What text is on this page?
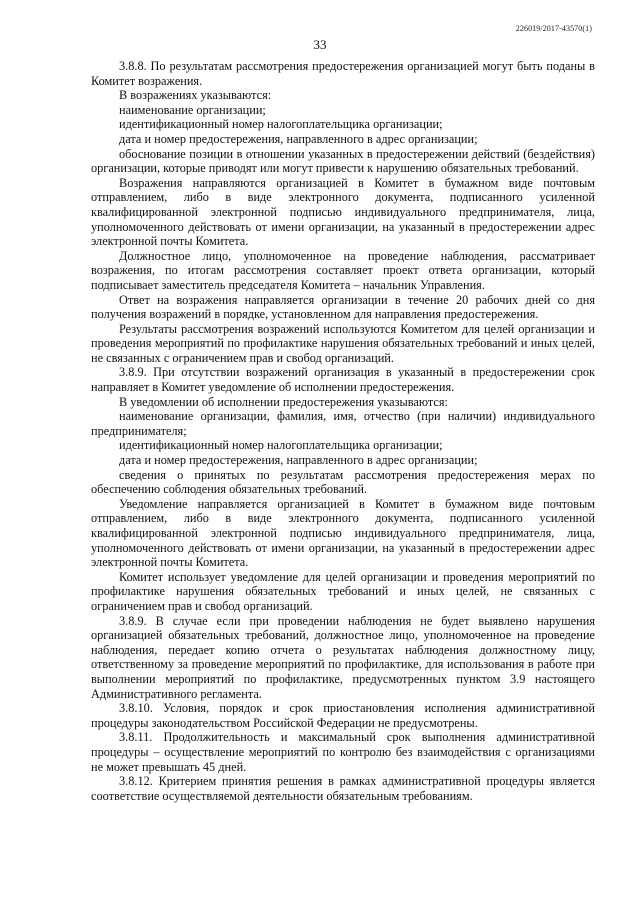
226019/2017-43570(1)
33

3.8.8. По результатам рассмотрения предостережения организацией могут быть поданы в Комитет возражения.

В возражениях указываются:

наименование организации;

идентификационный номер налогоплательщика организации;

дата и номер предостережения, направленного в адрес организации;

обоснование позиции в отношении указанных в предостережении действий (бездействия) организации, которые приводят или могут привести к нарушению обязательных требований.

Возражения направляются организацией в Комитет в бумажном виде почтовым отправлением, либо в виде электронного документа, подписанного усиленной квалифицированной электронной подписью индивидуального предпринимателя, лица, уполномоченного действовать от имени организации, на указанный в предостережении адрес электронной почты Комитета.

Должностное лицо, уполномоченное на проведение наблюдения, рассматривает возражения, по итогам рассмотрения составляет проект ответа организации, который подписывает заместитель председателя Комитета – начальник Управления.

Ответ на возражения направляется организации в течение 20 рабочих дней со дня получения возражений в порядке, установленном для направления предостережения.

Результаты рассмотрения возражений используются Комитетом для целей организации и проведения мероприятий по профилактике нарушения обязательных требований и иных целей, не связанных с ограничением прав и свобод организаций.

3.8.9. При отсутствии возражений организация в указанный в предостережении срок направляет в Комитет уведомление об исполнении предостережения.

В уведомлении об исполнении предостережения указываются:

наименование организации, фамилия, имя, отчество (при наличии) индивидуального предпринимателя;

идентификационный номер налогоплательщика организации;

дата и номер предостережения, направленного в адрес организации;

сведения о принятых по результатам рассмотрения предостережения мерах по обеспечению соблюдения обязательных требований.

Уведомление направляется организацией в Комитет в бумажном виде почтовым отправлением, либо в виде электронного документа, подписанного усиленной квалифицированной электронной подписью индивидуального предпринимателя, лица, уполномоченного действовать от имени организации, на указанный в предостережении адрес электронной почты Комитета.

Комитет использует уведомление для целей организации и проведения мероприятий по профилактике нарушения обязательных требований и иных целей, не связанных с ограничением прав и свобод организаций.

3.8.9. В случае если при проведении наблюдения не будет выявлено нарушения организацией обязательных требований, должностное лицо, уполномоченное на проведение наблюдения, передает копию отчета о результатах наблюдения должностному лицу, ответственному за проведение мероприятий по профилактике, для использования в работе при выполнении мероприятий по профилактике, предусмотренных пунктом 3.9 настоящего Административного регламента.

3.8.10. Условия, порядок и срок приостановления исполнения административной процедуры законодательством Российской Федерации не предусмотрены.

3.8.11. Продолжительность и максимальный срок выполнения административной процедуры – осуществление мероприятий по контролю без взаимодействия с организациями не может превышать 45 дней.

3.8.12. Критерием принятия решения в рамках административной процедуры является соответствие осуществляемой деятельности обязательным требованиям.
